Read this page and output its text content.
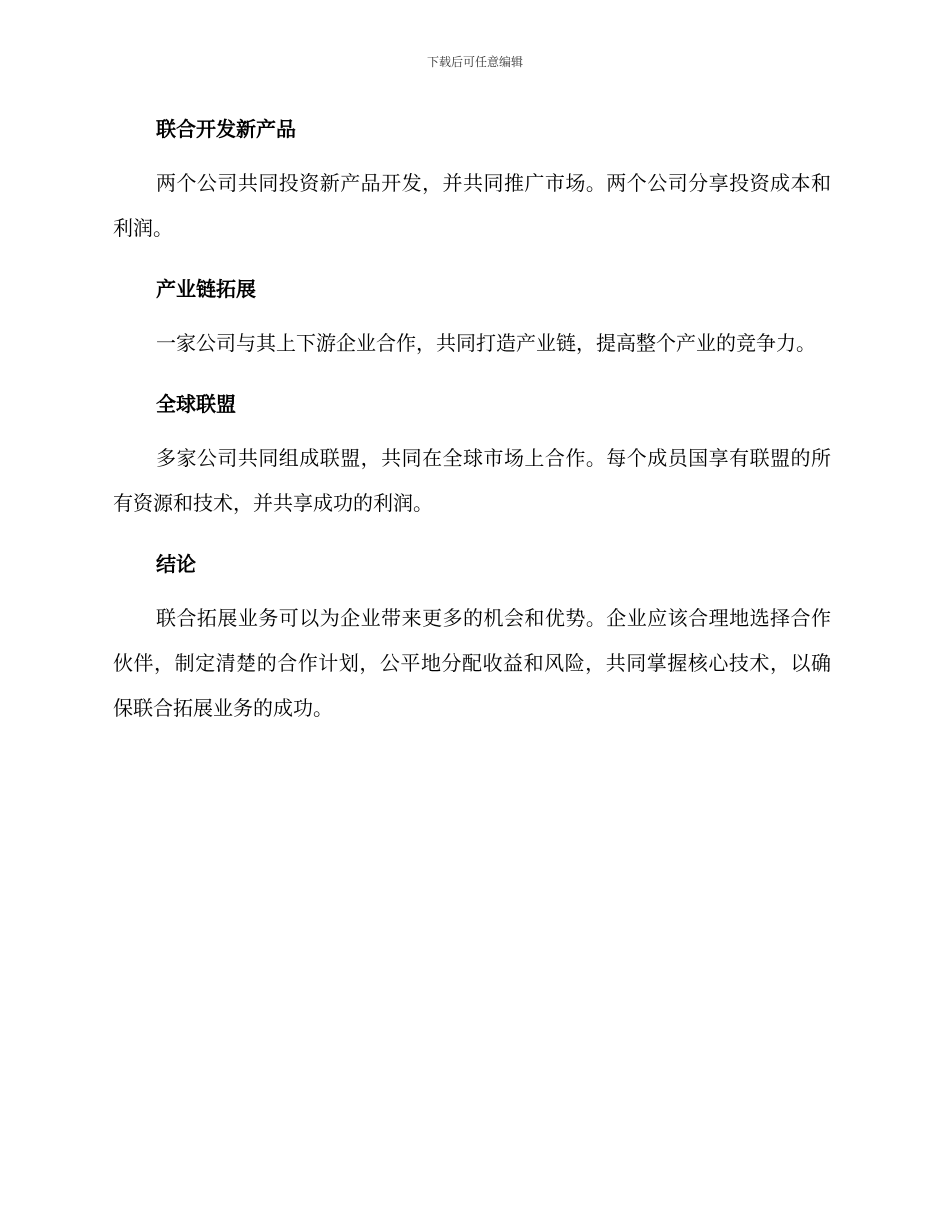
下载后可任意编辑
联合开发新产品

两个公司共同投资新产品开发，并共同推广市场。两个公司分享投资成本和利润。

产业链拓展

一家公司与其上下游企业合作，共同打造产业链，提高整个产业的竞争力。

全球联盟

多家公司共同组成联盟，共同在全球市场上合作。每个成员国享有联盟的所有资源和技术，并共享成功的利润。

结论

联合拓展业务可以为企业带来更多的机会和优势。企业应该合理地选择合作伙伴，制定清楚的合作计划，公平地分配收益和风险，共同掌握核心技术，以确保联合拓展业务的成功。
